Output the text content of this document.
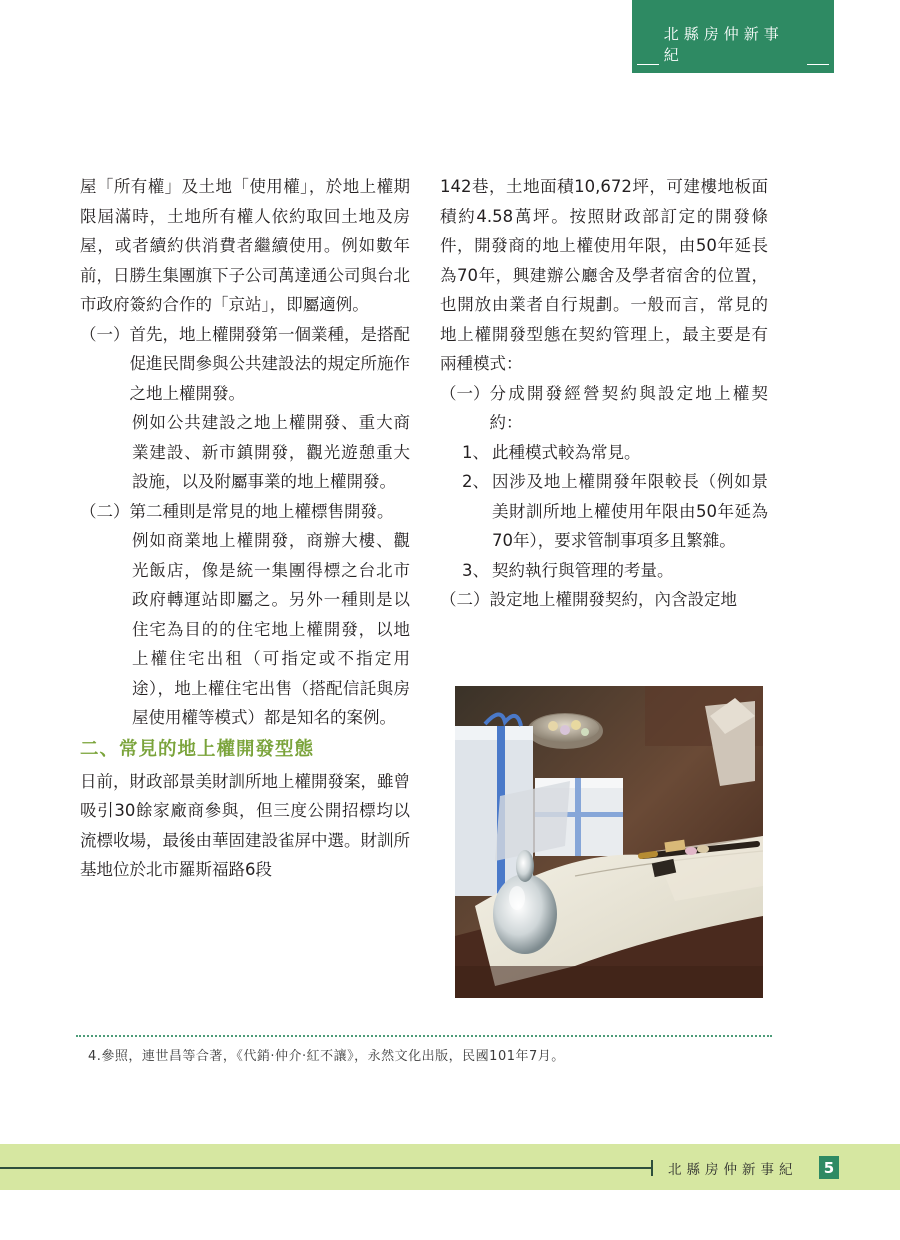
北縣房仲新事紀

屋「所有權」及土地「使用權」，於地上權期限屆滿時，土地所有權人依約取回土地及房屋，或者續約供消費者繼續使用。例如數年前，日勝生集團旗下子公司萬達通公司與台北市政府簽約合作的「京站」，即屬適例。

（一） 首先，地上權開發第一個業種，是搭配促進民間參與公共建設法的規定所施作之地上權開發。

例如公共建設之地上權開發、重大商業建設、新市鎮開發，觀光遊憩重大設施，以及附屬事業的地上權開發。

（二） 第二種則是常見的地上權標售開發。

例如商業地上權開發，商辦大樓、觀光飯店，像是統一集團得標之台北市政府轉運站即屬之。另外一種則是以住宅為目的的住宅地上權開發，以地上權住宅出租（可指定或不指定用途），地上權住宅出售（搭配信託與房屋使用權等模式）都是知名的案例。

二、常見的地上權開發型態

日前，財政部景美財訓所地上權開發案，雖曾吸引30餘家廠商參與，但三度公開招標均以流標收場，最後由華固建設雀屏中選。財訓所基地位於北市羅斯福路6段

142巷，土地面積10,672坪，可建樓地板面積約4.58萬坪。按照財政部訂定的開發條件，開發商的地上權使用年限，由50年延長為70年，興建辦公廳舍及學者宿舍的位置，也開放由業者自行規劃。一般而言，常見的地上權開發型態在契約管理上，最主要是有兩種模式：

（一） 分成開發經營契約與設定地上權契約：
1、 此種模式較為常見。
2、 因涉及地上權開發年限較長（例如景美財訓所地上權使用年限由50年延為70年），要求管制事項多且繁雜。
3、 契約執行與管理的考量。
（二） 設定地上權開發契約，內含設定地

4.參照，連世昌等合著，《代銷‧仲介‧紅不讓》，永然文化出版，民國101年7月。

北縣房仲新事紀	5
